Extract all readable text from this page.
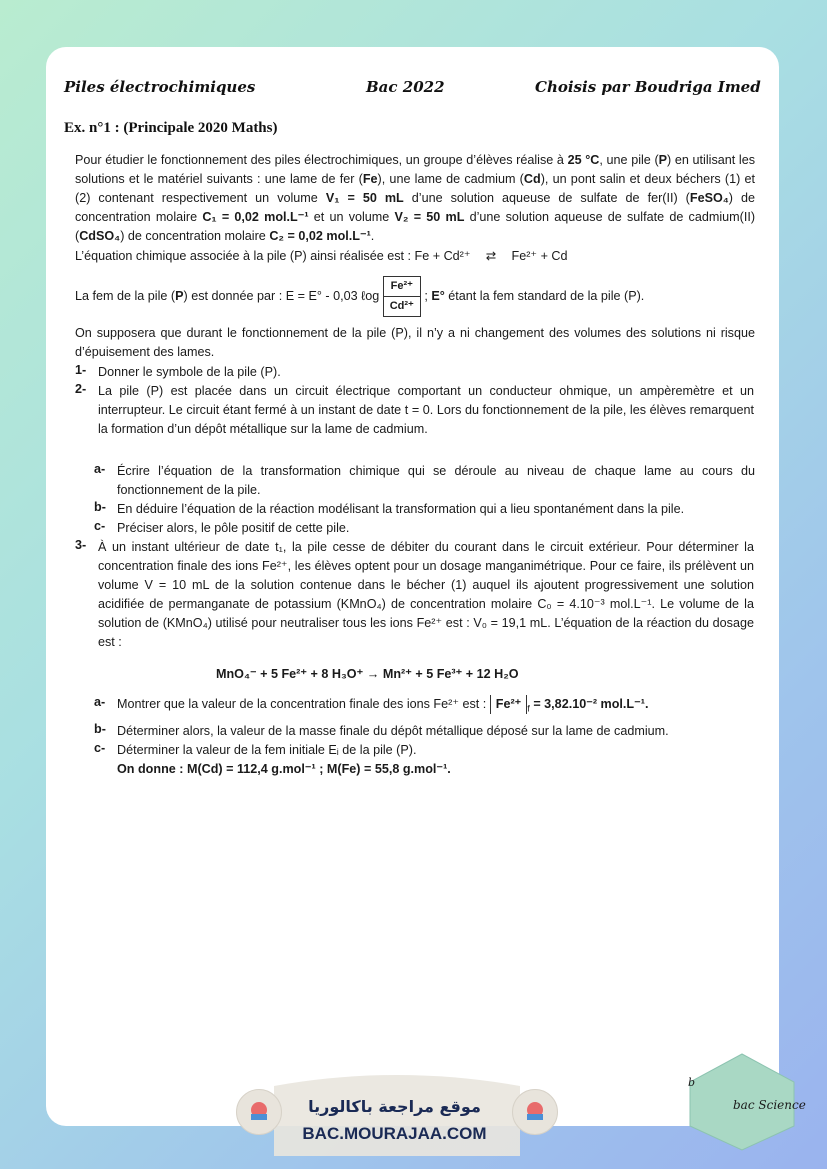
Piles électrochimiques	Bac 2022	Choisis par Boudriga Imed
Ex. n°1 : (Principale 2020 Maths)
Pour étudier le fonctionnement des piles électrochimiques, un groupe d’élèves réalise à 25 °C, une pile (P) en utilisant les solutions et le matériel suivants : une lame de fer (Fe), une lame de cadmium (Cd), un pont salin et deux béchers (1) et (2) contenant respectivement un volume V₁ = 50 mL d’une solution aqueuse de sulfate de fer(II) (FeSO₄) de concentration molaire C₁ = 0,02 mol.L⁻¹ et un volume V₂ = 50 mL d’une solution aqueuse de sulfate de cadmium(II) (CdSO₄) de concentration molaire C₂ = 0,02 mol.L⁻¹.
L’équation chimique associée à la pile (P) ainsi réalisée est : Fe + Cd²⁺ ⇄ Fe²⁺ + Cd
La fem de la pile (P) est donnée par : E = E° - 0,03 ℓog $\frac{\text{Fe²⁺}}{\text{Cd²⁺}}$ ; E° étant la fem standard de la pile (P).
On supposera que durant le fonctionnement de la pile (P), il n’y a ni changement des volumes des solutions ni risque d’épuisement des lames.
1- Donner le symbole de la pile (P).
2- La pile (P) est placée dans un circuit électrique comportant un conducteur ohmique, un ampèremètre et un interrupteur. Le circuit étant fermé à un instant de date t = 0. Lors du fonctionnement de la pile, les élèves remarquent la formation d’un dépôt métallique sur la lame de cadmium.
a- Écrire l’équation de la transformation chimique qui se déroule au niveau de chaque lame au cours du fonctionnement de la pile.
b- En déduire l’équation de la réaction modélisant la transformation qui a lieu spontanément dans la pile.
c- Préciser alors, le pôle positif de cette pile.
3- À un instant ultérieur de date t₁, la pile cesse de débiter du courant dans le circuit extérieur. Pour déterminer la concentration finale des ions Fe²⁺, les élèves optent pour un dosage manganimétrique. Pour ce faire, ils prélèvent un volume V = 10 mL de la solution contenue dans le bécher (1) auquel ils ajoutent progressivement une solution acidifiée de permanganate de potassium (KMnO₄) de concentration molaire C₀ = 4.10⁻³ mol.L⁻¹. Le volume de la solution de (KMnO₄) utilisé pour neutraliser tous les ions Fe²⁺ est : V₀ = 19,1 mL. L’équation de la réaction du dosage est :
MnO₄⁻ + 5 Fe²⁺ + 8 H₃O⁺ → Mn²⁺ + 5 Fe³⁺ + 12 H₂O
a- Montrer que la valeur de la concentration finale des ions Fe²⁺ est : Fe²⁺ $_f$ = 3,82.10⁻² mol.L⁻¹.
b- Déterminer alors, la valeur de la masse finale du dépôt métallique déposé sur la lame de cadmium.
c- Déterminer la valeur de la fem initiale Eᵢ de la pile (P).
On donne : M(Cd) = 112,4 g.mol⁻¹ ; M(Fe) = 55,8 g.mol⁻¹.
موقع مراجعة باكالوريا
BAC.MOURAJAA.COM
b
bac Science
